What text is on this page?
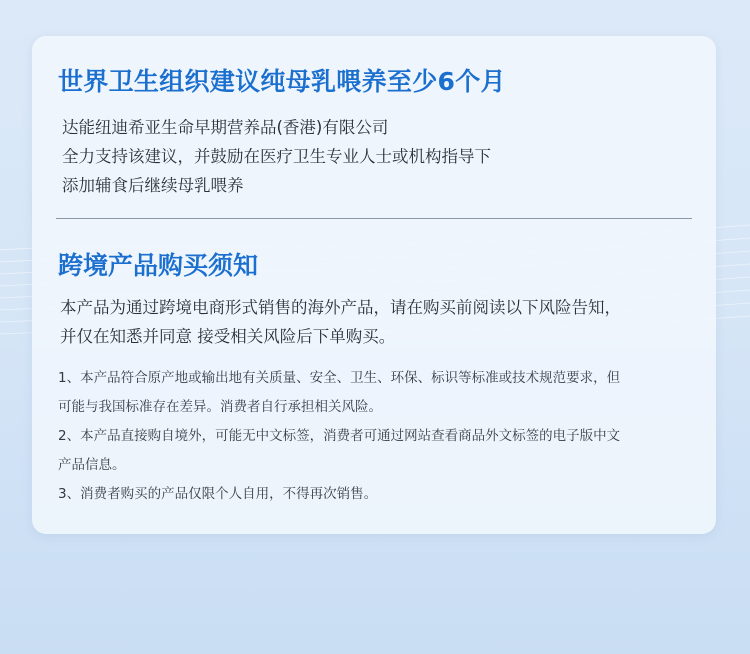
世界卫生组织建议纯母乳喂养至少6个月
达能纽迪希亚生命早期营养品(香港)有限公司
全力支持该建议，并鼓励在医疗卫生专业人士或机构指导下
添加辅食后继续母乳喂养
跨境产品购买须知
本产品为通过跨境电商形式销售的海外产品，请在购买前阅读以下风险告知，
并仅在知悉并同意 接受相关风险后下单购买。
1、本产品符合原产地或输出地有关质量、安全、卫生、环保、标识等标准或技术规范要求，但
可能与我国标准存在差异。消费者自行承担相关风险。
2、本产品直接购自境外，可能无中文标签，消费者可通过网站查看商品外文标签的电子版中文
产品信息。
3、消费者购买的产品仅限个人自用，不得再次销售。
